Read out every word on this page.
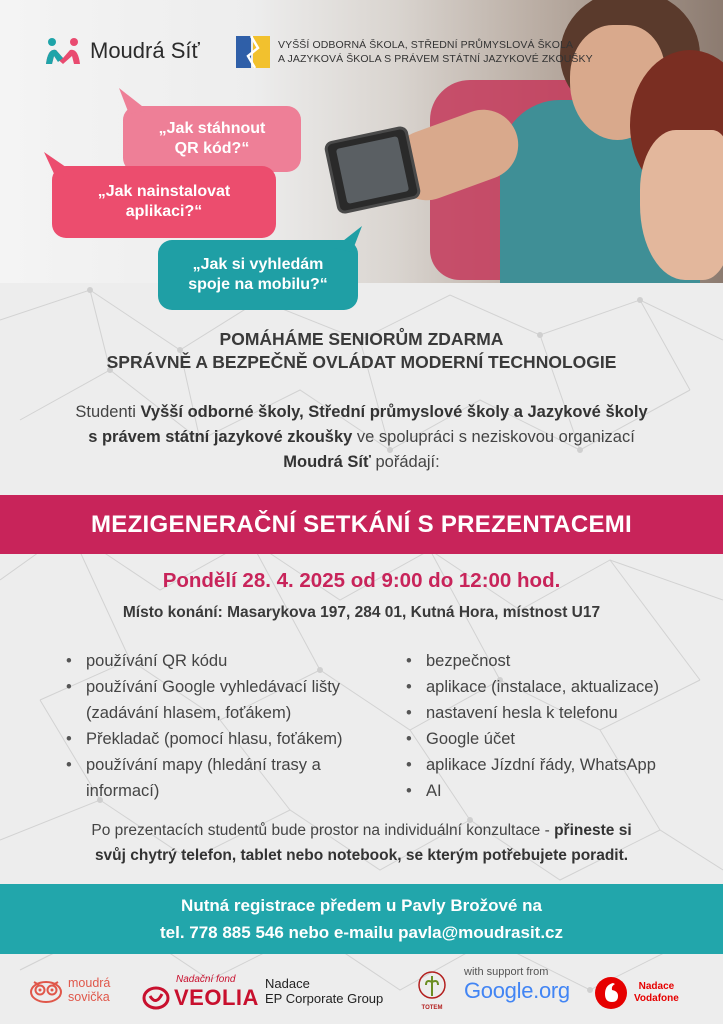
Moudrá Síť	VYŠŠÍ ODBORNÁ ŠKOLA, STŘEDNÍ PRŮMYSLOVÁ ŠKOLA
A JAZYKOVÁ ŠKOLA S PRÁVEM STÁTNÍ JAZYKOVÉ ZKOUŠKY
„Jak stáhnout
QR kód?“
„Jak nainstalovat
aplikaci?“
„Jak si vyhledám
spoje na mobilu?“
POMÁHÁME SENIORŮM ZDARMA
SPRÁVNĚ A BEZPEČNĚ OVLÁDAT MODERNÍ TECHNOLOGIE
Studenti Vyšší odborné školy, Střední průmyslové školy a Jazykové školy
s právem státní jazykové zkoušky ve spolupráci s neziskovou organizací
Moudrá Síť pořádají:
MEZIGENERAČNÍ SETKÁNÍ S PREZENTACEMI
Pondělí 28. 4. 2025 od 9:00 do 12:00 hod.
Místo konání: Masarykova 197, 284 01, Kutná Hora, místnost U17
• používání QR kódu
• používání Google vyhledávací lišty
(zadávání hlasem, foťákem)
• Překladač (pomocí hlasu, foťákem)
• používání mapy (hledání trasy a
informací)
• bezpečnost
• aplikace (instalace, aktualizace)
• nastavení hesla k telefonu
• Google účet
• aplikace Jízdní řády, WhatsApp
• AI
Po prezentacích studentů bude prostor na individuální konzultace - přineste si
svůj chytrý telefon, tablet nebo notebook, se kterým potřebujete poradit.
Nutná registrace předem u Pavly Brožové na
tel. 778 885 546 nebo e-mailu pavla@moudrasit.cz
moudrá
sovička
Nadační fond
VEOLIA
Nadace
EP Corporate Group
TOTEM
with support from
Google.org	Nadace
Vodafone
